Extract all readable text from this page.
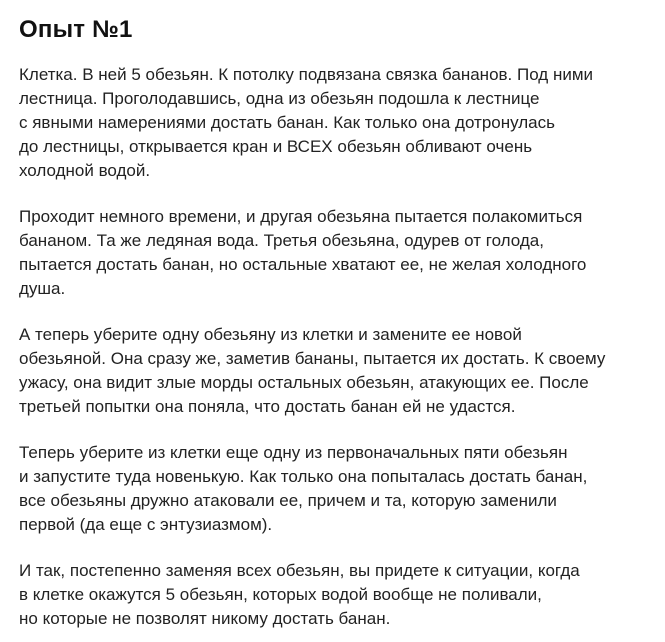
Опыт №1

Клетка. В ней 5 обезьян. К потолку подвязана связка бананов. Под ними
лестница. Проголодавшись, одна из обезьян подошла к лестнице
с явными намерениями достать банан. Как только она дотронулась
до лестницы, открывается кран и ВСЕХ обезьян обливают очень
холодной водой.

Проходит немного времени, и другая обезьяна пытается полакомиться
бананом. Та же ледяная вода. Третья обезьяна, одурев от голода,
пытается достать банан, но остальные хватают ее, не желая холодного
душа.

А теперь уберите одну обезьяну из клетки и замените ее новой
обезьяной. Она сразу же, заметив бананы, пытается их достать. К своему
ужасу, она видит злые морды остальных обезьян, атакующих ее. После
третьей попытки она поняла, что достать банан ей не удастся.

Теперь уберите из клетки еще одну из первоначальных пяти обезьян
и запустите туда новенькую. Как только она попыталась достать банан,
все обезьяны дружно атаковали ее, причем и та, которую заменили
первой (да еще с энтузиазмом).

И так, постепенно заменяя всех обезьян, вы придете к ситуации, когда
в клетке окажутся 5 обезьян, которых водой вообще не поливали,
но которые не позволят никому достать банан.
